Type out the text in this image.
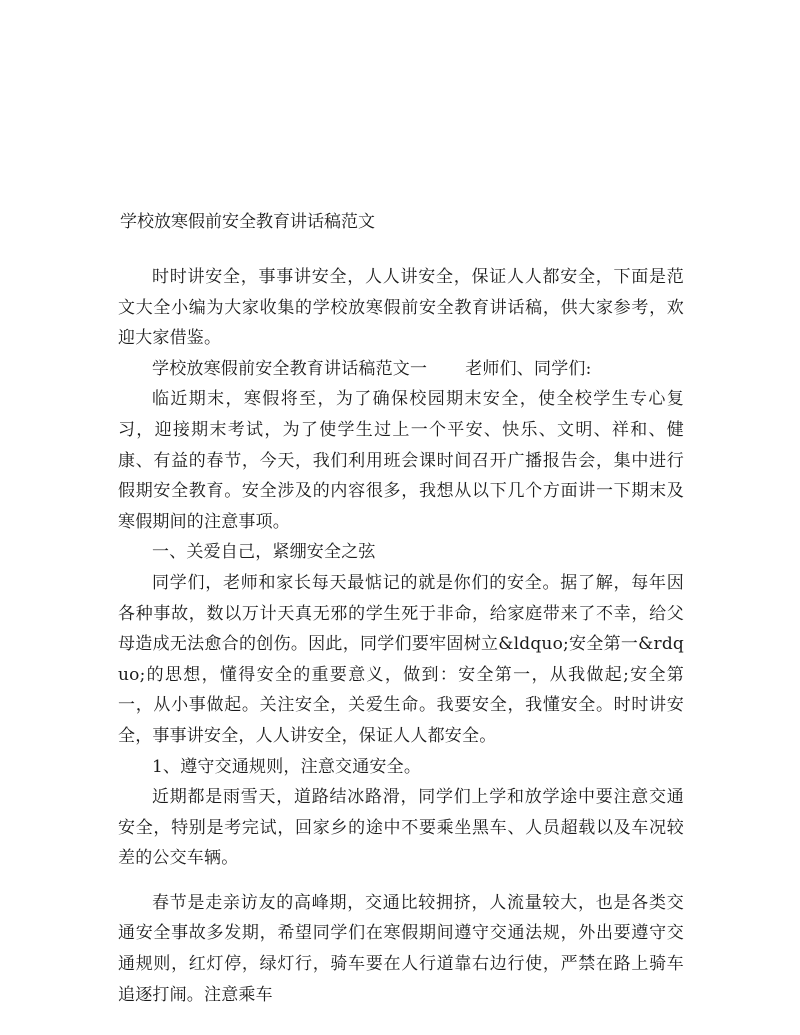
学校放寒假前安全教育讲话稿范文

时时讲安全，事事讲安全，人人讲安全，保证人人都安全，下面是范文大全小编为大家收集的学校放寒假前安全教育讲话稿，供大家参考，欢迎大家借鉴。

学校放寒假前安全教育讲话稿范文一 老师们、同学们:

临近期末，寒假将至，为了确保校园期末安全，使全校学生专心复习，迎接期末考试，为了使学生过上一个平安、快乐、文明、祥和、健康、有益的春节，今天，我们利用班会课时间召开广播报告会，集中进行假期安全教育。安全涉及的内容很多，我想从以下几个方面讲一下期末及寒假期间的注意事项。

一、关爱自己，紧绷安全之弦

同学们，老师和家长每天最惦记的就是你们的安全。据了解，每年因各种事故，数以万计天真无邪的学生死于非命，给家庭带来了不幸，给父母造成无法愈合的创伤。因此，同学们要牢固树立&ldquo;安全第一&rdquo;的思想，懂得安全的重要意义，做到：安全第一，从我做起;安全第一，从小事做起。关注安全，关爱生命。我要安全，我懂安全。时时讲安全，事事讲安全，人人讲安全，保证人人都安全。

1、遵守交通规则，注意交通安全。

近期都是雨雪天，道路结冰路滑，同学们上学和放学途中要注意交通安全，特别是考完试，回家乡的途中不要乘坐黑车、人员超载以及车况较差的公交车辆。

春节是走亲访友的高峰期，交通比较拥挤，人流量较大，也是各类交通安全事故多发期，希望同学们在寒假期间遵守交通法规，外出要遵守交通规则，红灯停，绿灯行，骑车要在人行道靠右边行使，严禁在路上骑车追逐打闹。注意乘车
